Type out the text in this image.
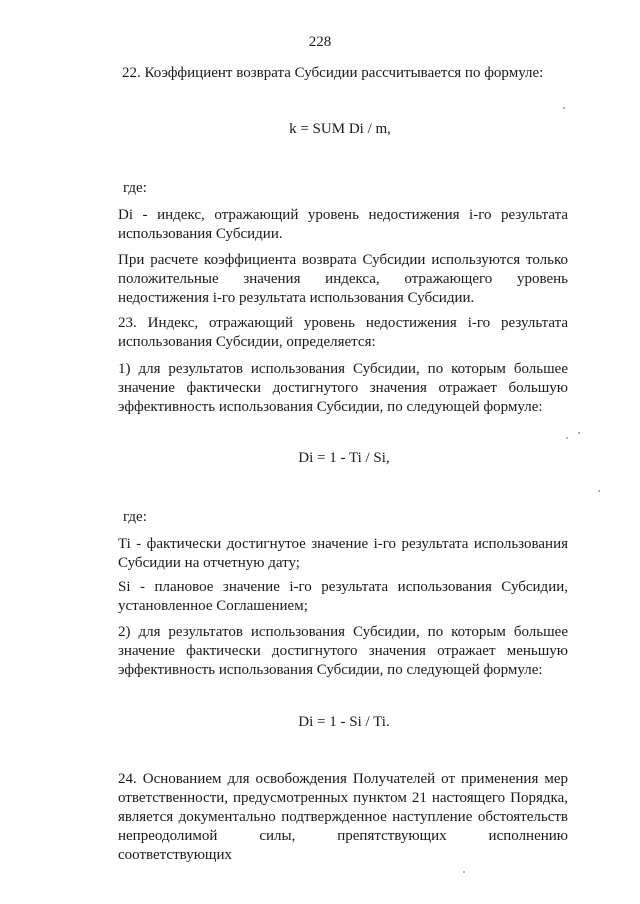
228
22. Коэффициент возврата Субсидии рассчитывается по формуле:
k = SUM Di / m,
где:
Di - индекс, отражающий уровень недостижения i-го результата использования Субсидии.
При расчете коэффициента возврата Субсидии используются только положительные значения индекса, отражающего уровень недостижения i-го результата использования Субсидии.
23. Индекс, отражающий уровень недостижения i-го результата использования Субсидии, определяется:
1) для результатов использования Субсидии, по которым большее значение фактически достигнутого значения отражает большую эффективность использования Субсидии, по следующей формуле:
Di = 1 - Ti / Si,
где:
Ti - фактически достигнутое значение i-го результата использования Субсидии на отчетную дату;
Si - плановое значение i-го результата использования Субсидии, установленное Соглашением;
2) для результатов использования Субсидии, по которым большее значение фактически достигнутого значения отражает меньшую эффективность использования Субсидии, по следующей формуле:
Di = 1 - Si / Ti.
24. Основанием для освобождения Получателей от применения мер ответственности, предусмотренных пунктом 21 настоящего Порядка, является документально подтвержденное наступление обстоятельств непреодолимой силы, препятствующих исполнению соответствующих
